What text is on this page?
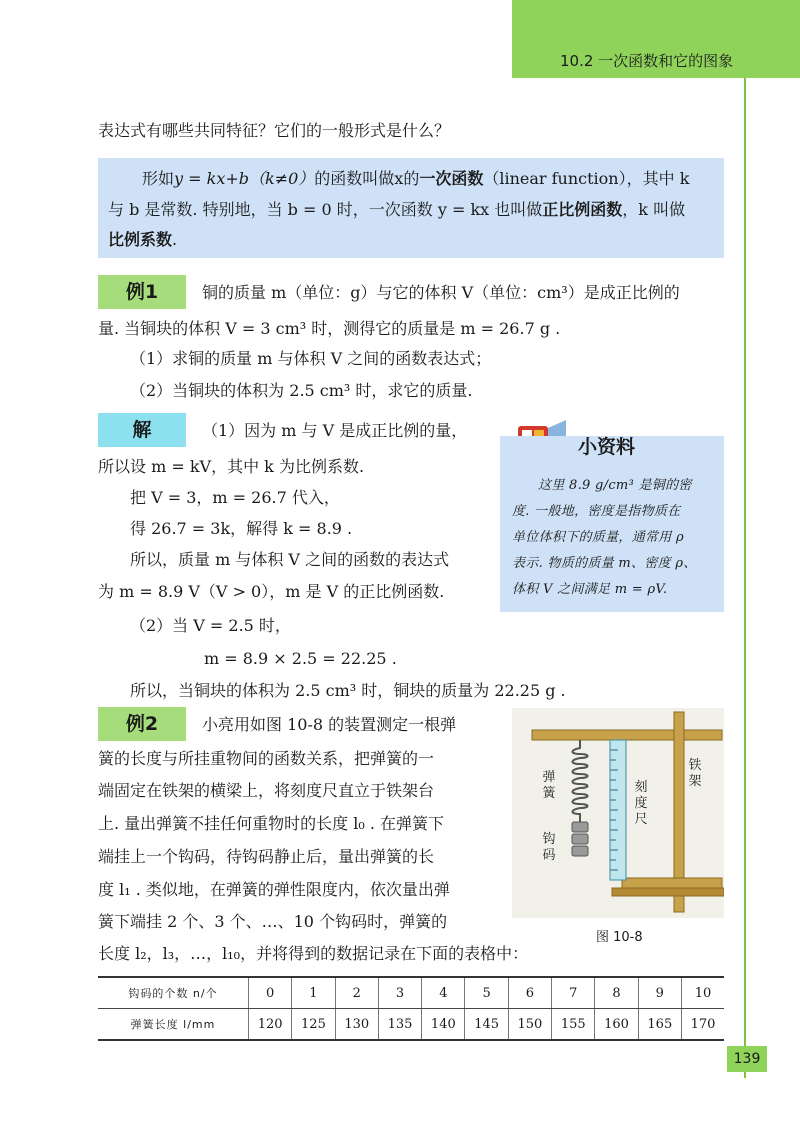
10.2 一次函数和它的图象
表达式有哪些共同特征？它们的一般形式是什么？
形如y = kx+b（k≠0）的函数叫做x的一次函数（linear function），其中 k
与 b 是常数. 特别地，当 b = 0 时，一次函数 y = kx 也叫做正比例函数，k 叫做
比例系数.
例1	铜的质量 m（单位：g）与它的体积 V（单位：cm³）是成正比例的
量. 当铜块的体积 V = 3 cm³ 时，测得它的质量是 m = 26.7 g .
（1）求铜的质量 m 与体积 V 之间的函数表达式；
（2）当铜块的体积为 2.5 cm³ 时，求它的质量.
解	（1）因为 m 与 V 是成正比例的量，
所以设 m = kV，其中 k 为比例系数.
把 V = 3，m = 26.7 代入，
得 26.7 = 3k，解得 k = 8.9 .
所以，质量 m 与体积 V 之间的函数的表达式
为 m = 8.9 V（V > 0），m 是 V 的正比例函数.
（2）当 V = 2.5 时，
m = 8.9 × 2.5 = 22.25 .
所以，当铜块的体积为 2.5 cm³ 时，铜块的质量为 22.25 g .
小资料
这里 8.9 g/cm³ 是铜的密
度. 一般地，密度是指物质在
单位体积下的质量，通常用 ρ
表示. 物质的质量 m、密度 ρ、
体积 V 之间满足 m = ρV.
例2	小亮用如图 10-8 的装置测定一根弹
簧的长度与所挂重物间的函数关系，把弹簧的一
端固定在铁架的横梁上，将刻度尺直立于铁架台
上. 量出弹簧不挂任何重物时的长度 l₀ . 在弹簧下
端挂上一个钩码，待钩码静止后，量出弹簧的长
度 l₁ . 类似地，在弹簧的弹性限度内，依次量出弹
簧下端挂 2 个、3 个、…、10 个钩码时，弹簧的
长度 l₂，l₃，…，l₁₀，并将得到的数据记录在下面的表格中：
弹簧	刻度尺
铁架
钩码
图 10-8
钩码的个数 n/个	0	1	2	3	4	5	6	7	8	9	10
弹簧长度 l/mm	120	125	130	135	140	145	150	155	160	165	170
139
